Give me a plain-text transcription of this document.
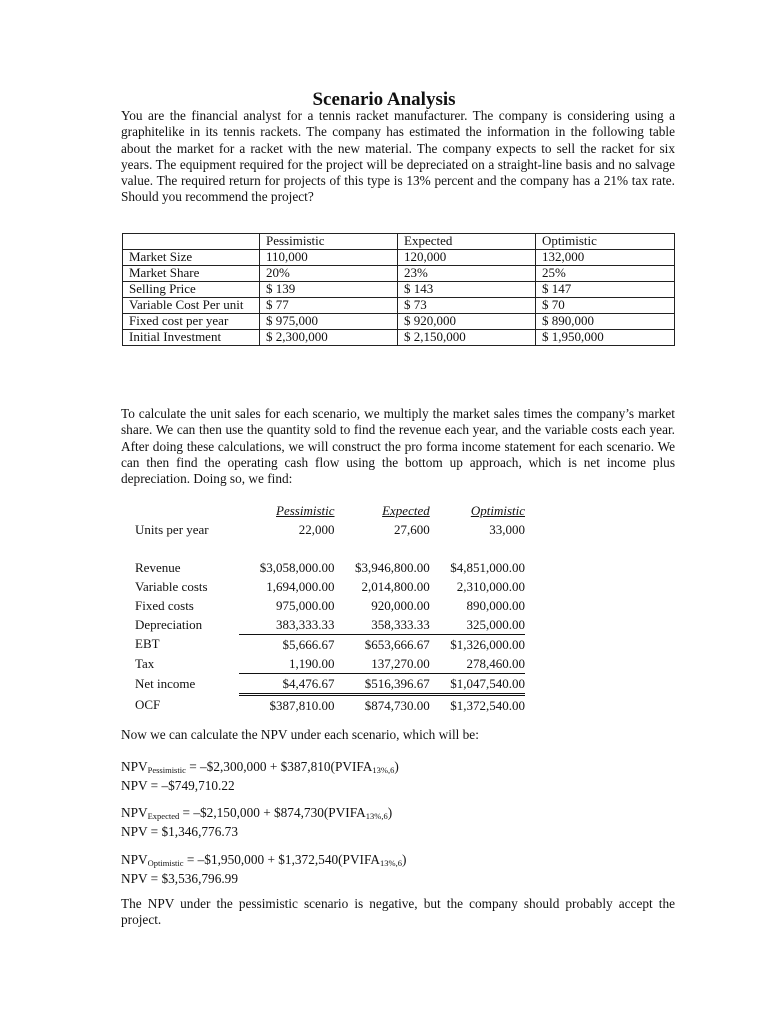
Scenario Analysis

You are the financial analyst for a tennis racket manufacturer. The company is considering using a graphitelike in its tennis rackets. The company has estimated the information in the following table about the market for a racket with the new material. The company expects to sell the racket for six years. The equipment required for the project will be depreciated on a straight-line basis and no salvage value. The required return for projects of this type is 13% percent and the company has a 21% tax rate. Should you recommend the project?

	Pessimistic	Expected	Optimistic
Market Size	110,000	120,000	132,000
Market Share	20%	23%	25%
Selling Price	$ 139	$ 143	$ 147
Variable Cost Per unit	$ 77	$ 73	$ 70
Fixed cost per year	$ 975,000	$ 920,000	$ 890,000
Initial Investment	$ 2,300,000	$ 2,150,000	$ 1,950,000

To calculate the unit sales for each scenario, we multiply the market sales times the company’s market share. We can then use the quantity sold to find the revenue each year, and the variable costs each year. After doing these calculations, we will construct the pro forma income statement for each scenario. We can then find the operating cash flow using the bottom up approach, which is net income plus depreciation. Doing so, we find:

	Pessimistic	Expected	Optimistic
Units per year	22,000	27,600	33,000

Revenue	$3,058,000.00	$3,946,800.00	$4,851,000.00
Variable costs	1,694,000.00	2,014,800.00	2,310,000.00
Fixed costs	975,000.00	920,000.00	890,000.00
Depreciation	383,333.33	358,333.33	325,000.00
EBT	$5,666.67	$653,666.67	$1,326,000.00
Tax	1,190.00	137,270.00	278,460.00
Net income	$4,476.67	$516,396.67	$1,047,540.00
OCF	$387,810.00	$874,730.00	$1,372,540.00

Now we can calculate the NPV under each scenario, which will be:

$NPV_{Pessimistic}$ = –$2,300,000 + $\$387,810(PVIFA_{13\%,6})$

NPV = –$749,710.22

$NPV_{Expected}$ = –$2,150,000 + $\$874,730(PVIFA_{13\%,6})$

NPV = $1,346,776.73

$NPV_{Optimistic}$ = –$1,950,000 + $\$1,372,540(PVIFA_{13\%,6})$

NPV = $3,536,796.99

The NPV under the pessimistic scenario is negative, but the company should probably accept the project.
